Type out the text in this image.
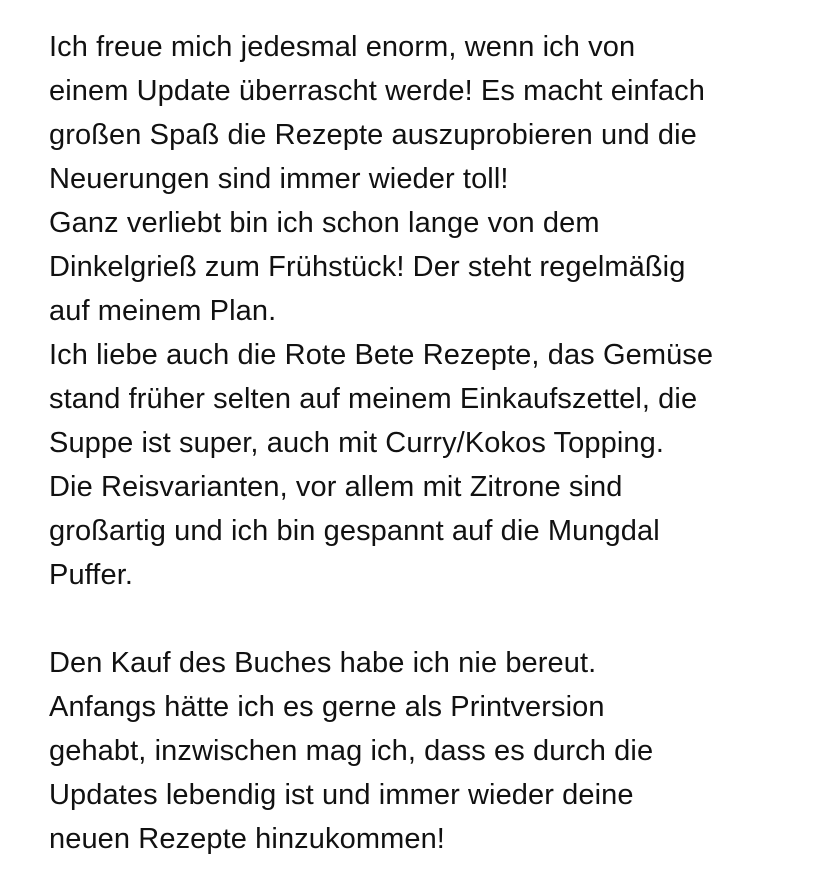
Ich freue mich jedesmal enorm, wenn ich von
einem Update überrascht werde! Es macht einfach
großen Spaß die Rezepte auszuprobieren und die
Neuerungen sind immer wieder toll!
Ganz verliebt bin ich schon lange von dem
Dinkelgrieß zum Frühstück! Der steht regelmäßig
auf meinem Plan.
Ich liebe auch die Rote Bete Rezepte, das Gemüse
stand früher selten auf meinem Einkaufszettel, die
Suppe ist super, auch mit Curry/Kokos Topping.
Die Reisvarianten, vor allem mit Zitrone sind
großartig und ich bin gespannt auf die Mungdal
Puffer.
Den Kauf des Buches habe ich nie bereut.
Anfangs hätte ich es gerne als Printversion
gehabt, inzwischen mag ich, dass es durch die
Updates lebendig ist und immer wieder deine
neuen Rezepte hinzukommen!
